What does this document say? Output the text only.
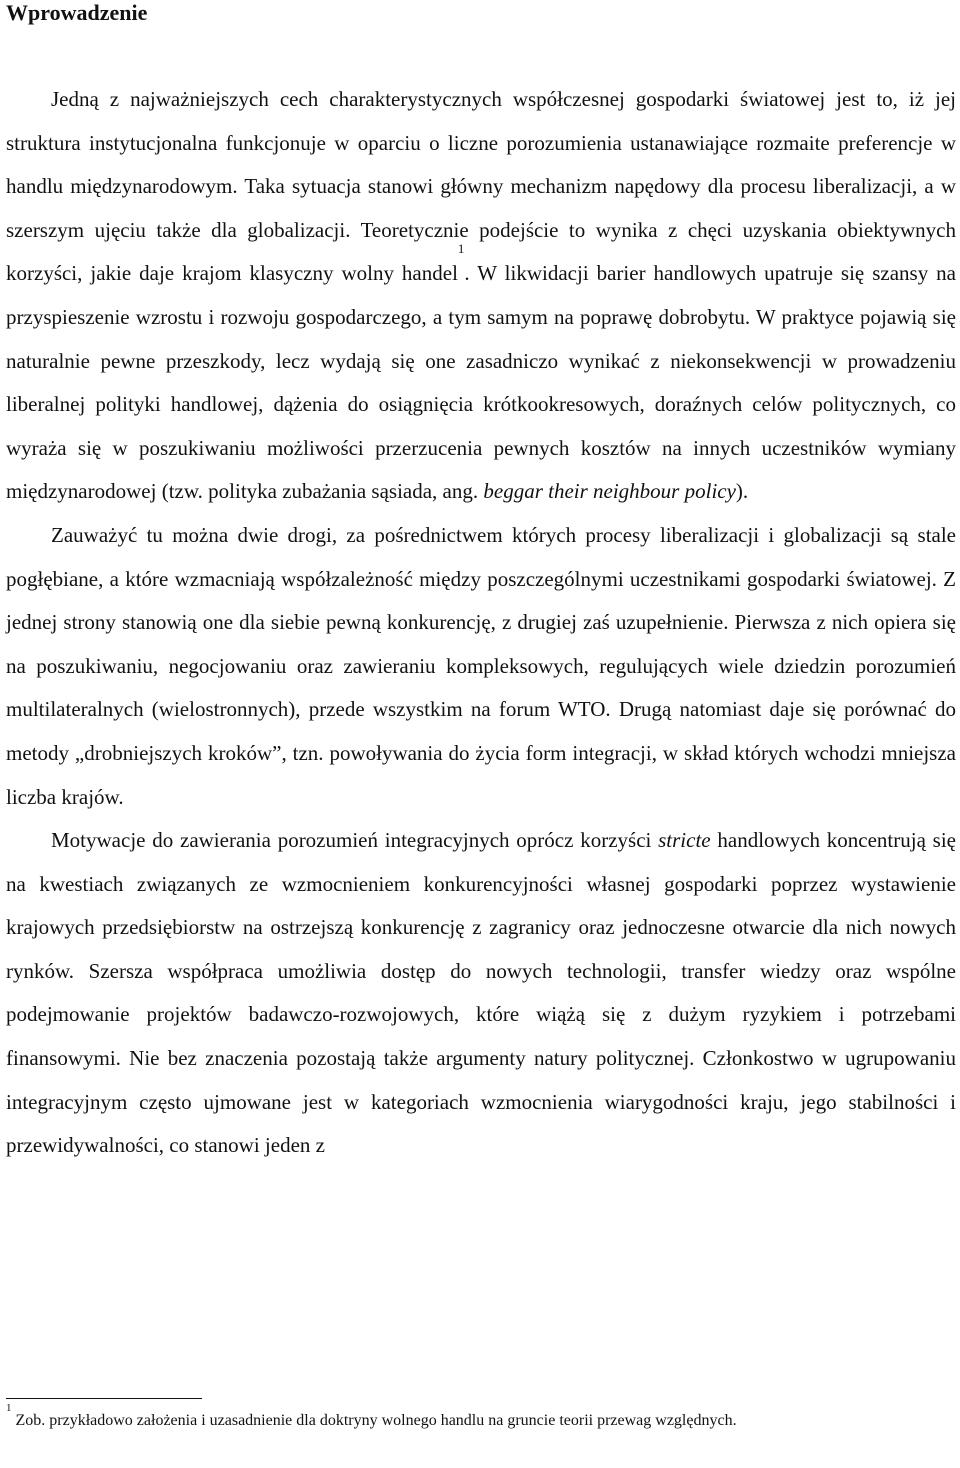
Wprowadzenie

Jedną z najważniejszych cech charakterystycznych współczesnej gospodarki światowej jest to, iż jej struktura instytucjonalna funkcjonuje w oparciu o liczne porozumienia ustanawiające rozmaite preferencje w handlu międzynarodowym. Taka sytuacja stanowi główny mechanizm napędowy dla procesu liberalizacji, a w szerszym ujęciu także dla globalizacji. Teoretycznie podejście to wynika z chęci uzyskania obiektywnych korzyści, jakie daje krajom klasyczny wolny handel$^1$. W likwidacji barier handlowych upatruje się szansy na przyspieszenie wzrostu i rozwoju gospodarczego, a tym samym na poprawę dobrobytu. W praktyce pojawią się naturalnie pewne przeszkody, lecz wydają się one zasadniczo wynikać z niekonsekwencji w prowadzeniu liberalnej polityki handlowej, dążenia do osiągnięcia krótkookresowych, doraźnych celów politycznych, co wyraża się w poszukiwaniu możliwości przerzucenia pewnych kosztów na innych uczestników wymiany międzynarodowej (tzw. polityka zubażania sąsiada, ang. beggar their neighbour policy).

Zauważyć tu można dwie drogi, za pośrednictwem których procesy liberalizacji i globalizacji są stale pogłębiane, a które wzmacniają współzależność między poszczególnymi uczestnikami gospodarki światowej. Z jednej strony stanowią one dla siebie pewną konkurencję, z drugiej zaś uzupełnienie. Pierwsza z nich opiera się na poszukiwaniu, negocjowaniu oraz zawieraniu kompleksowych, regulujących wiele dziedzin porozumień multilateralnych (wielostronnych), przede wszystkim na forum WTO. Drugą natomiast daje się porównać do metody „drobniejszych kroków”, tzn. powoływania do życia form integracji, w skład których wchodzi mniejsza liczba krajów.

Motywacje do zawierania porozumień integracyjnych oprócz korzyści stricte handlowych koncentrują się na kwestiach związanych ze wzmocnieniem konkurencyjności własnej gospodarki poprzez wystawienie krajowych przedsiębiorstw na ostrzejszą konkurencję z zagranicy oraz jednoczesne otwarcie dla nich nowych rynków. Szersza współpraca umożliwia dostęp do nowych technologii, transfer wiedzy oraz wspólne podejmowanie projektów badawczo-rozwojowych, które wiążą się z dużym ryzykiem i potrzebami finansowymi. Nie bez znaczenia pozostają także argumenty natury politycznej. Członkostwo w ugrupowaniu integracyjnym często ujmowane jest w kategoriach wzmocnienia wiarygodności kraju, jego stabilności i przewidywalności, co stanowi jeden z

$^1$ Zob. przykładowo założenia i uzasadnienie dla doktryny wolnego handlu na gruncie teorii przewag względnych.
